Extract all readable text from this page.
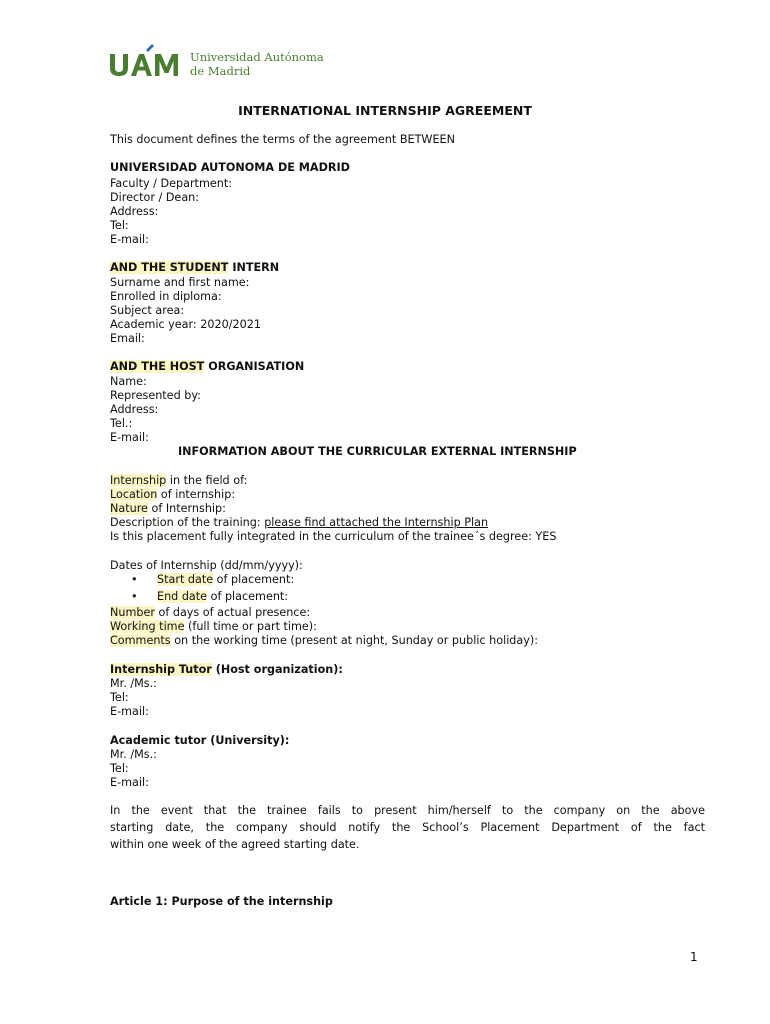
Universidad Autónoma
de Madrid
INTERNATIONAL INTERNSHIP AGREEMENT
This document defines the terms of the agreement BETWEEN
UNIVERSIDAD AUTONOMA DE MADRID
Faculty / Department:
Director / Dean:
Address:
Tel:
E-mail:
AND THE STUDENT INTERN
Surname and first name:
Enrolled in diploma:
Subject area:
Academic year: 2020/2021
Email:
AND THE HOST ORGANISATION
Name:
Represented by:
Address:
Tel.:
E-mail:
INFORMATION ABOUT THE CURRICULAR EXTERNAL INTERNSHIP
Internship in the field of:
Location of internship:
Nature of Internship:
Description of the training: please find attached the Internship Plan
Is this placement fully integrated in the curriculum of the trainee´s degree: YES
Dates of Internship (dd/mm/yyyy):
• Start date of placement:
• End date of placement:
Number of days of actual presence:
Working time (full time or part time):
Comments on the working time (present at night, Sunday or public holiday):
Internship Tutor (Host organization):
Mr. /Ms.:
Tel:
E-mail:
Academic tutor (University):
Mr. /Ms.:
Tel:
E-mail:
In the event that the trainee fails to present him/herself to the company on the above
starting date, the company should notify the School’s Placement Department of the fact
within one week of the agreed starting date.
Article 1: Purpose of the internship
1
